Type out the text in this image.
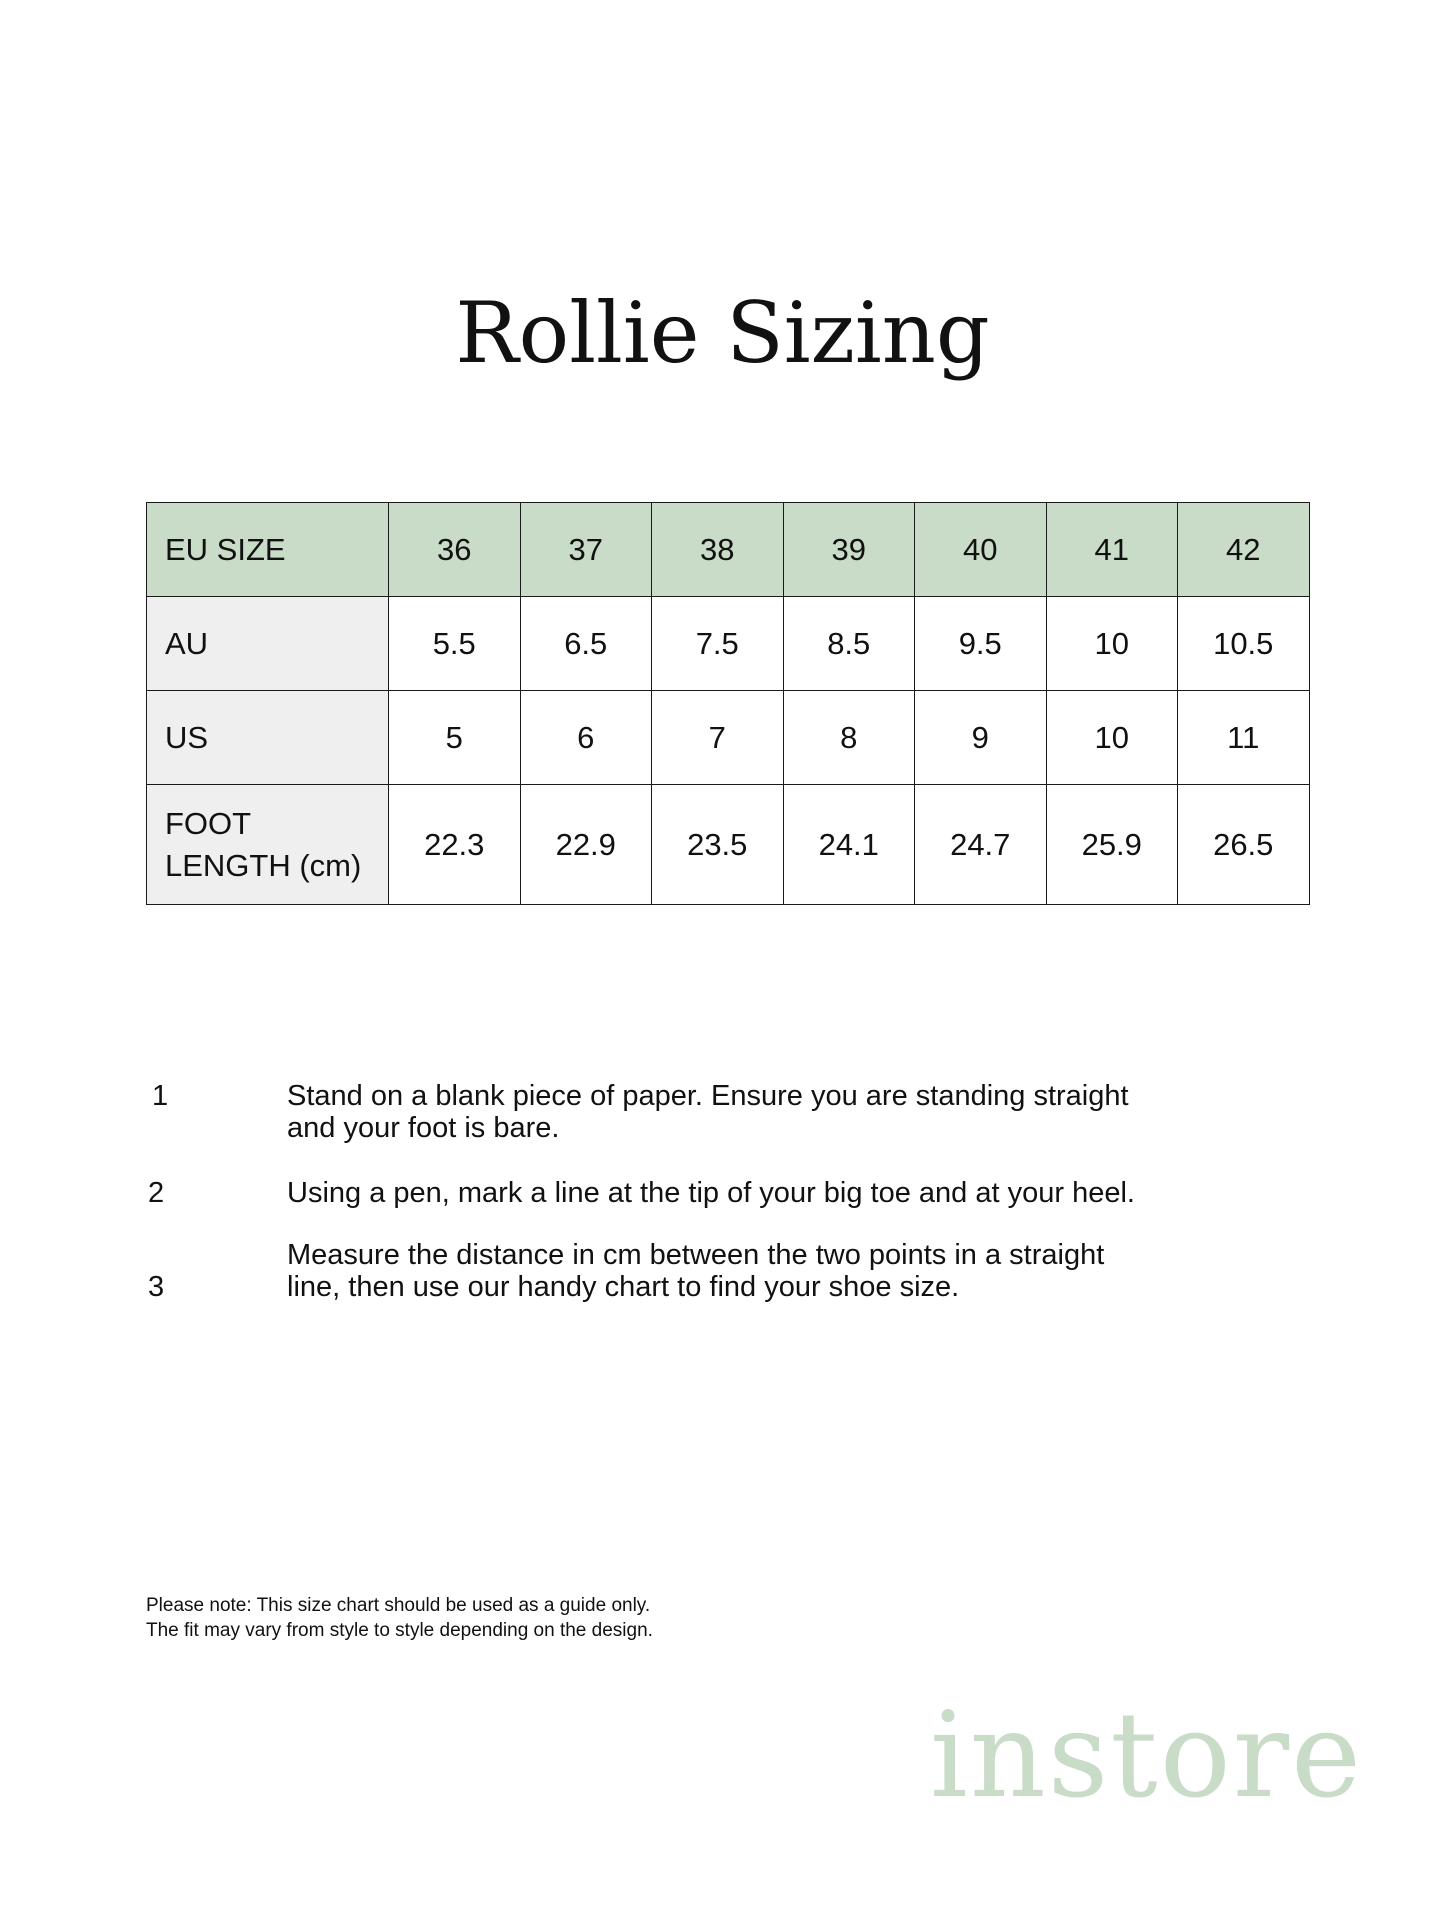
Rollie Sizing
EU SIZE	36	37	38	39	40	41	42
AU	5.5	6.5	7.5	8.5	9.5	10	10.5
US	5	6	7	8	9	10	11

FOOT
LENGTH (cm)	22.3	22.9	23.5	24.1	24.7	25.9	26.5
1	Stand on a blank piece of paper. Ensure you are standing straight
and your foot is bare.
2	Using a pen, mark a line at the tip of your big toe and at your heel.
3
Measure the distance in cm between the two points in a straight
line, then use our handy chart to find your shoe size.
Please note: This size chart should be used as a guide only.
The fit may vary from style to style depending on the design.
instore
